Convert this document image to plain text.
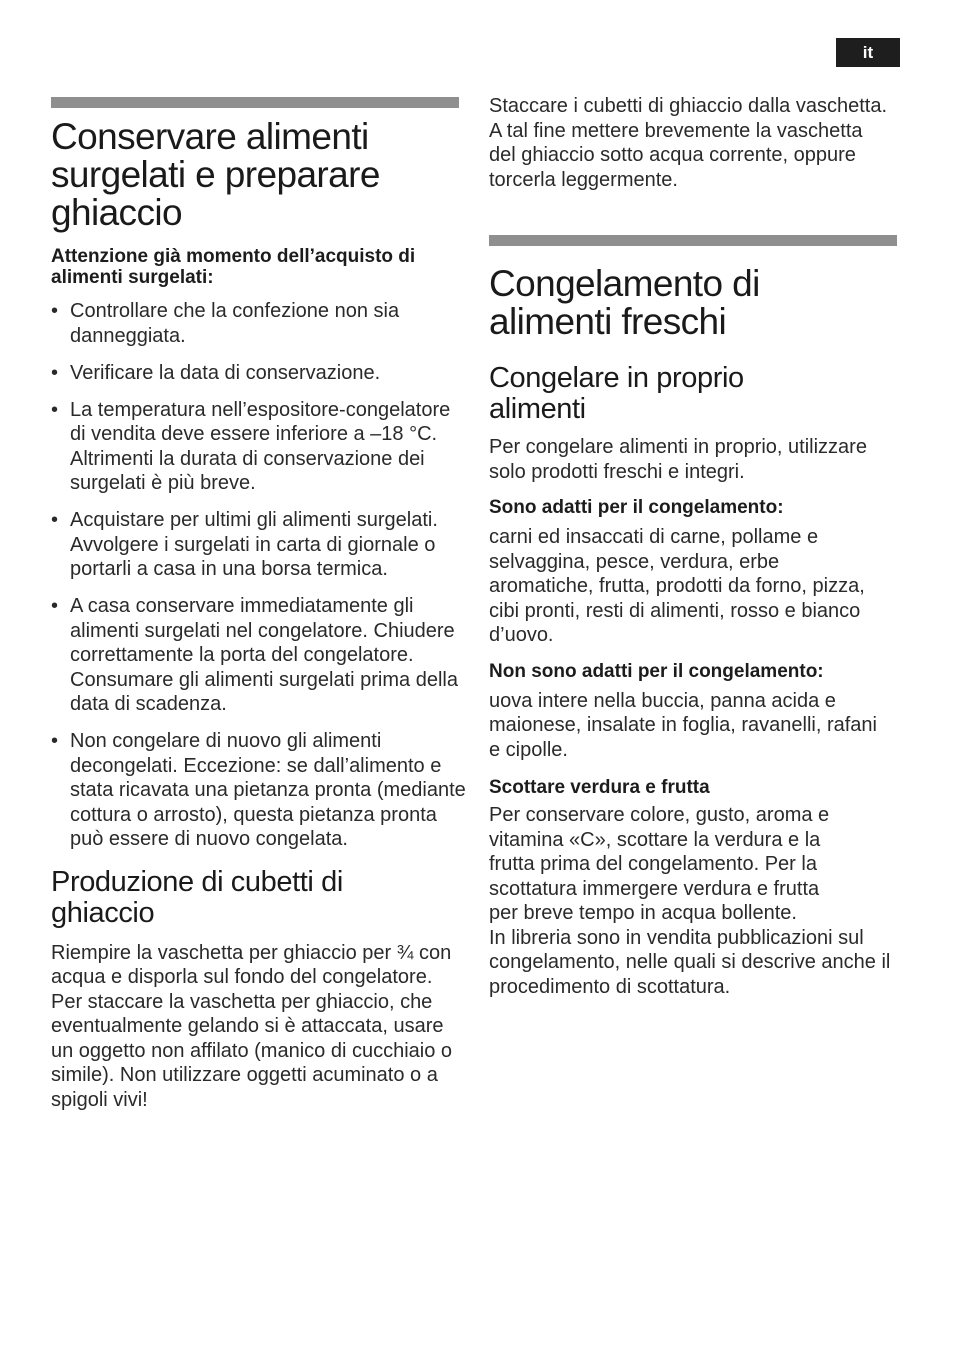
it
Conservare alimenti surgelati e preparare ghiaccio

Attenzione già momento dell’acquisto di alimenti surgelati:

• Controllare che la confezione non sia danneggiata.
• Verificare la data di conservazione.
• La temperatura nell’espositore-congelatore di vendita deve essere inferiore a –18 °C. Altrimenti la durata di conservazione dei surgelati è più breve.
• Acquistare per ultimi gli alimenti surgelati. Avvolgere i surgelati in carta di giornale o portarli a casa in una borsa termica.
• A casa conservare immediatamente gli alimenti surgelati nel congelatore. Chiudere correttamente la porta del congelatore. Consumare gli alimenti surgelati prima della data di scadenza.
• Non congelare di nuovo gli alimenti decongelati. Eccezione: se dall’alimento e stata ricavata una pietanza pronta (mediante cottura o arrosto), questa pietanza pronta può essere di nuovo congelata.
Produzione di cubetti di ghiaccio

Riempire la vaschetta per ghiaccio per ¾ con acqua e disporla sul fondo del congelatore. Per staccare la vaschetta per ghiaccio, che eventualmente gelando si è attaccata, usare un oggetto non affilato (manico di cucchiaio o simile). Non utilizzare oggetti acuminato o a spigoli vivi!

Staccare i cubetti di ghiaccio dalla vaschetta. A tal fine mettere brevemente la vaschetta del ghiaccio sotto acqua corrente, oppure torcerla leggermente.

Congelamento di alimenti freschi
Congelare in proprio alimenti

Per congelare alimenti in proprio, utilizzare solo prodotti freschi e integri.

Sono adatti per il congelamento:

carni ed insaccati di carne, pollame e selvaggina, pesce, verdura, erbe aromatiche, frutta, prodotti da forno, pizza, cibi pronti, resti di alimenti, rosso e bianco d’uovo.

Non sono adatti per il congelamento:

uova intere nella buccia, panna acida e maionese, insalate in foglia, ravanelli, rafani e cipolle.

Scottare verdura e frutta

Per conservare colore, gusto, aroma e vitamina «C», scottare la verdura e la frutta prima del congelamento. Per la scottatura immergere verdura e frutta per breve tempo in acqua bollente.

In libreria sono in vendita pubblicazioni sul congelamento, nelle quali si descrive anche il procedimento di scottatura.
